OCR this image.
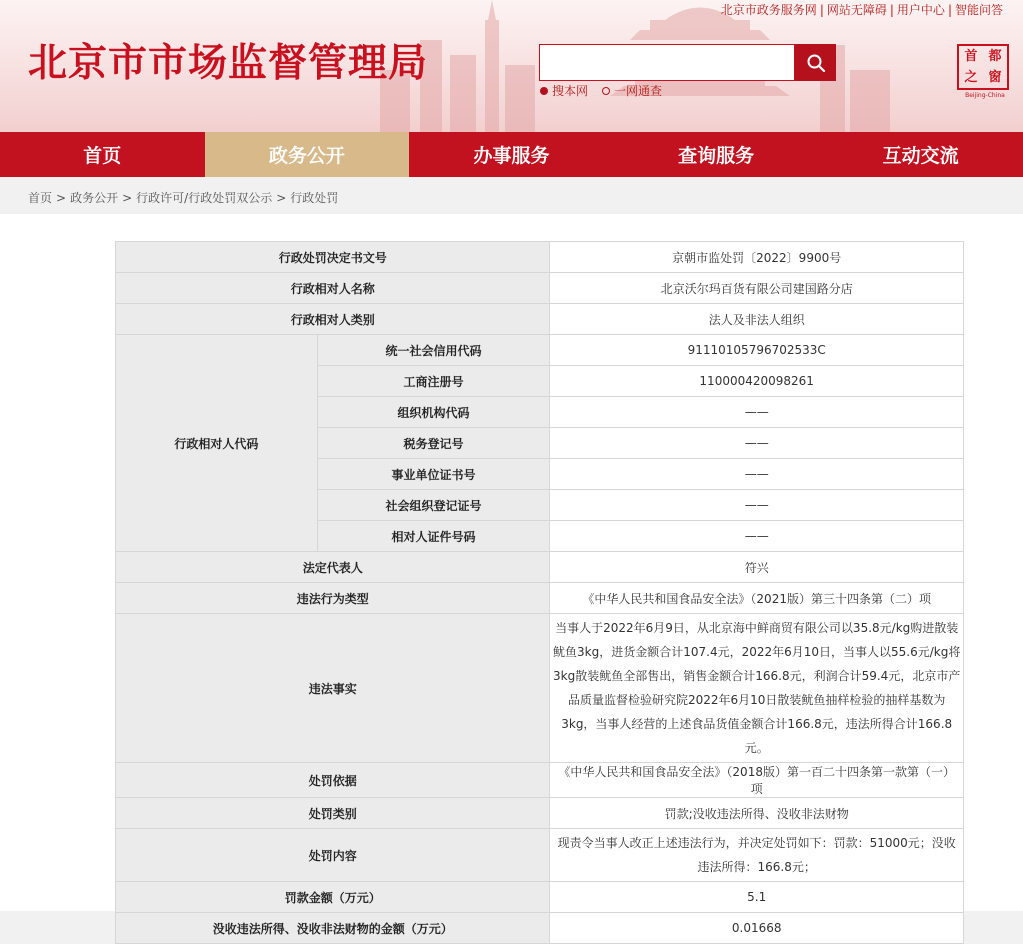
北京市市场监督管理局
北京市政务服务网 | 网站无障碍 | 用户中心 | 智能问答
搜本网 一网通查
首 都
之 窗
Beijing-China
首页	政务公开	办事服务	查询服务	互动交流
首页 > 政务公开 > 行政许可/行政处罚双公示 > 行政处罚
行政处罚决定书文号		京朝市监处罚〔2022〕9900号
行政相对人名称		北京沃尔玛百货有限公司建国路分店
行政相对人类别		法人及非法人组织
行政相对人代码	统一社会信用代码	91110105796702533C
	工商注册号	110000420098261
	组织机构代码	——
	税务登记号	——
	事业单位证书号	——
	社会组织登记证号	——
	相对人证件号码	——
法定代表人		符兴
违法行为类型		《中华人民共和国食品安全法》（2021版）第三十四条第（二）项
违法事实		当事人于2022年6月9日，从北京海中鲜商贸有限公司以35.8元/kg购进散装鱿鱼3kg，进货金额合计107.4元，2022年6月10日，当事人以55.6元/kg将3kg散装鱿鱼全部售出，销售金额合计166.8元，利润合计59.4元，北京市产品质量监督检验研究院2022年6月10日散装鱿鱼抽样检验的抽样基数为3kg，当事人经营的上述食品货值金额合计166.8元，违法所得合计166.8元。
处罚依据		《中华人民共和国食品安全法》（2018版）第一百二十四条第一款第（一）项
处罚类别		罚款;没收违法所得、没收非法财物
处罚内容		现责令当事人改正上述违法行为，并决定处罚如下：罚款：51000元；没收违法所得：166.8元；
罚款金额（万元）		5.1
没收违法所得、没收非法财物的金额（万元）		0.01668
